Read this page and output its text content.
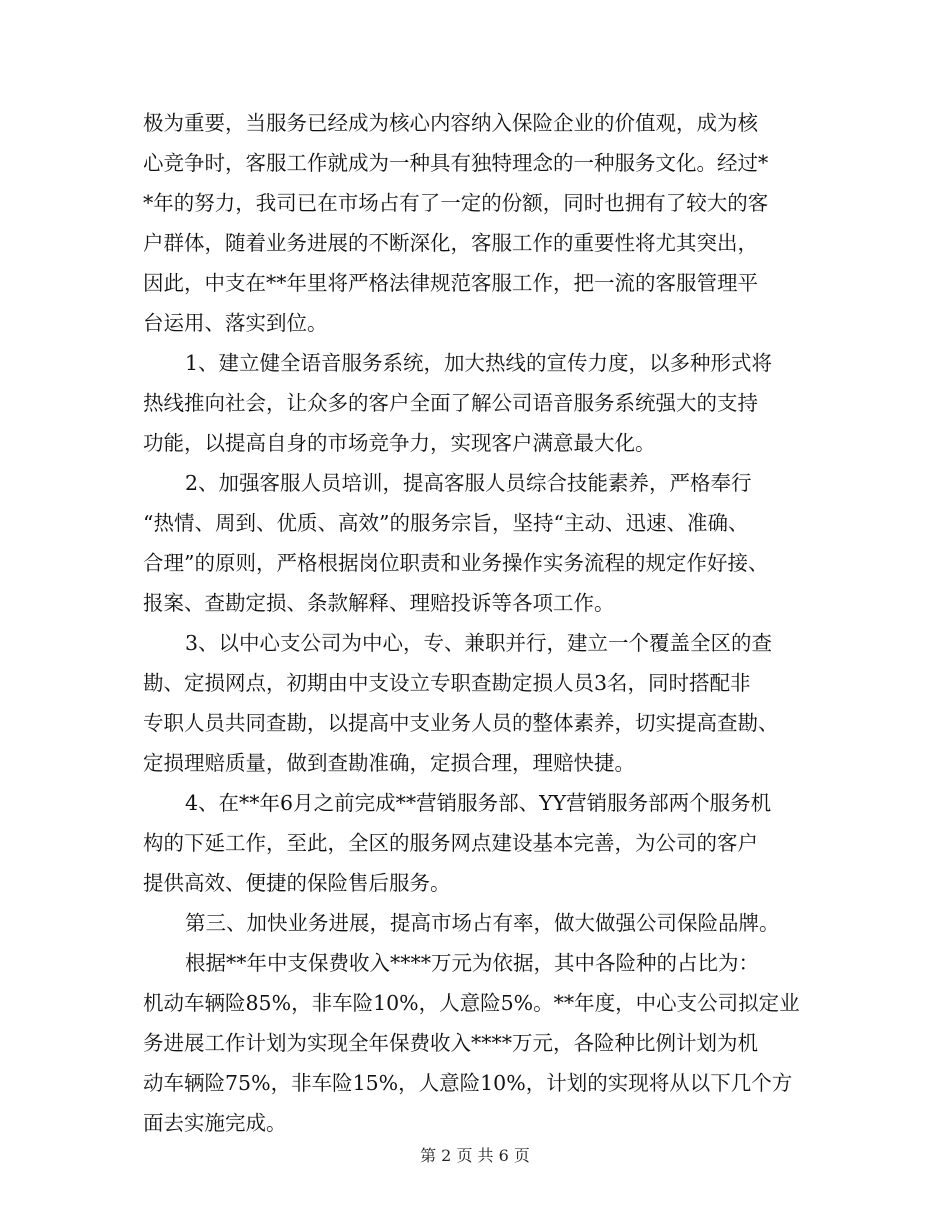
极为重要，当服务已经成为核心内容纳入保险企业的价值观，成为核
心竞争时，客服工作就成为一种具有独特理念的一种服务文化。经过*
*年的努力，我司已在市场占有了一定的份额，同时也拥有了较大的客
户群体，随着业务进展的不断深化，客服工作的重要性将尤其突出，
因此，中支在**年里将严格法律规范客服工作，把一流的客服管理平
台运用、落实到位。
1、建立健全语音服务系统，加大热线的宣传力度，以多种形式将
热线推向社会，让众多的客户全面了解公司语音服务系统强大的支持
功能，以提高自身的市场竞争力，实现客户满意最大化。
2、加强客服人员培训，提高客服人员综合技能素养，严格奉行
“热情、周到、优质、高效”的服务宗旨，坚持“主动、迅速、准确、
合理”的原则，严格根据岗位职责和业务操作实务流程的规定作好接、
报案、查勘定损、条款解释、理赔投诉等各项工作。
3、以中心支公司为中心，专、兼职并行，建立一个覆盖全区的查
勘、定损网点，初期由中支设立专职查勘定损人员3名，同时搭配非
专职人员共同查勘，以提高中支业务人员的整体素养，切实提高查勘、
定损理赔质量，做到查勘准确，定损合理，理赔快捷。
4、在**年6月之前完成**营销服务部、YY营销服务部两个服务机
构的下延工作，至此，全区的服务网点建设基本完善，为公司的客户
提供高效、便捷的保险售后服务。
第三、加快业务进展，提高市场占有率，做大做强公司保险品牌。
根据**年中支保费收入****万元为依据，其中各险种的占比为：
机动车辆险85%，非车险10%，人意险5%。**年度，中心支公司拟定业
务进展工作计划为实现全年保费收入****万元，各险种比例计划为机
动车辆险75%，非车险15%，人意险10%，计划的实现将从以下几个方
面去实施完成。
第 2 页 共 6 页
